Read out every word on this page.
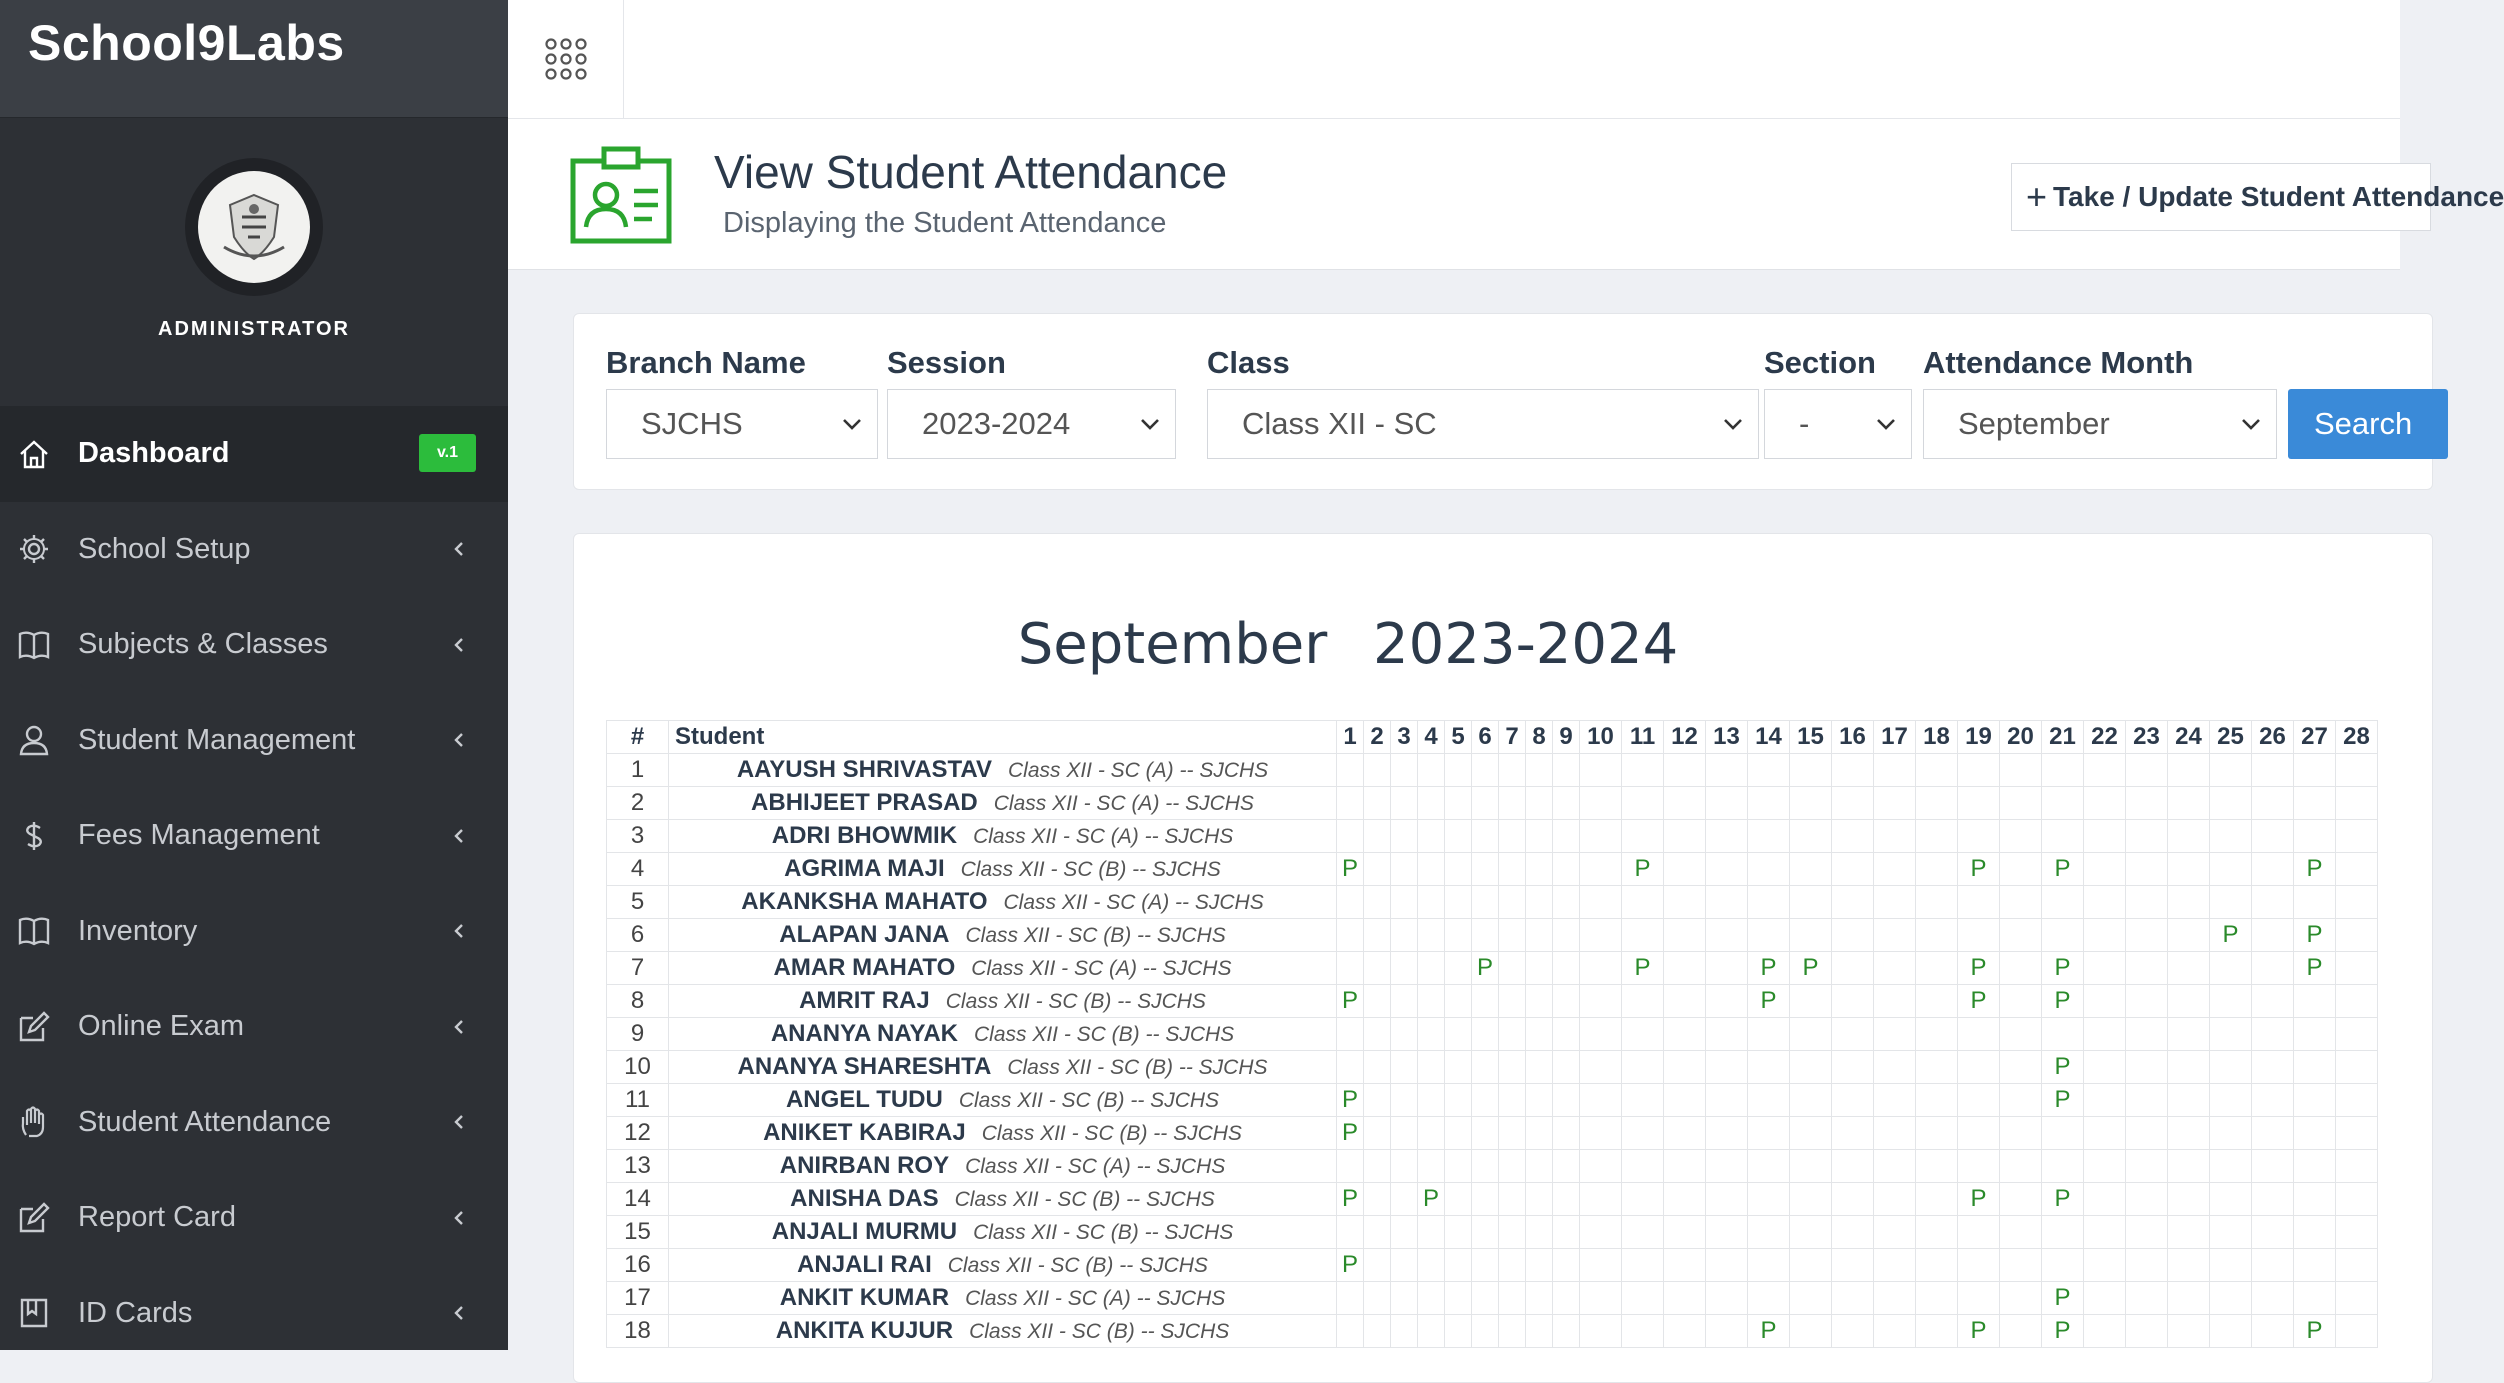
School9Labs
ADMINISTRATOR
Dashboard	v.1
School Setup
Subjects & Classes
Student Management
Fees Management
Inventory
Online Exam
Student Attendance
Report Card
ID Cards
View Student Attendance
Displaying the Student Attendance
+ Take / Update Student Attendance
Branch Name
SJCHS
Session
2023-2024
Class
Class XII - SC
Section
-
Attendance Month
September	Search
September 2023-2024
#	Student	1	2	3	4	5	6	7	8	9	10	11	12	13	14	15	16	17	18	19	20	21	22	23	24	25	26	27	28
1	AAYUSH SHRIVASTAV Class XII - SC (A) -- SJCHS																												
2	ABHIJEET PRASAD Class XII - SC (A) -- SJCHS																												
3	ADRI BHOWMIK Class XII - SC (A) -- SJCHS																												
4	AGRIMA MAJI Class XII - SC (B) -- SJCHS	P										P								P		P						P	
5	AKANKSHA MAHATO Class XII - SC (A) -- SJCHS																												
6	ALAPAN JANA Class XII - SC (B) -- SJCHS																									P		P	
7	AMAR MAHATO Class XII - SC (A) -- SJCHS						P					P			P	P				P		P						P	
8	AMRIT RAJ Class XII - SC (B) -- SJCHS	P													P					P		P							
9	ANANYA NAYAK Class XII - SC (B) -- SJCHS																												
10	ANANYA SHARESHTA Class XII - SC (B) -- SJCHS																					P							
11	ANGEL TUDU Class XII - SC (B) -- SJCHS	P																				P							
12	ANIKET KABIRAJ Class XII - SC (B) -- SJCHS	P																											
13	ANIRBAN ROY Class XII - SC (A) -- SJCHS																												
14	ANISHA DAS Class XII - SC (B) -- SJCHS	P			P															P		P							
15	ANJALI MURMU Class XII - SC (B) -- SJCHS																												
16	ANJALI RAI Class XII - SC (B) -- SJCHS	P																											
17	ANKIT KUMAR Class XII - SC (A) -- SJCHS																					P							
18	ANKITA KUJUR Class XII - SC (B) -- SJCHS														P					P		P						P	
